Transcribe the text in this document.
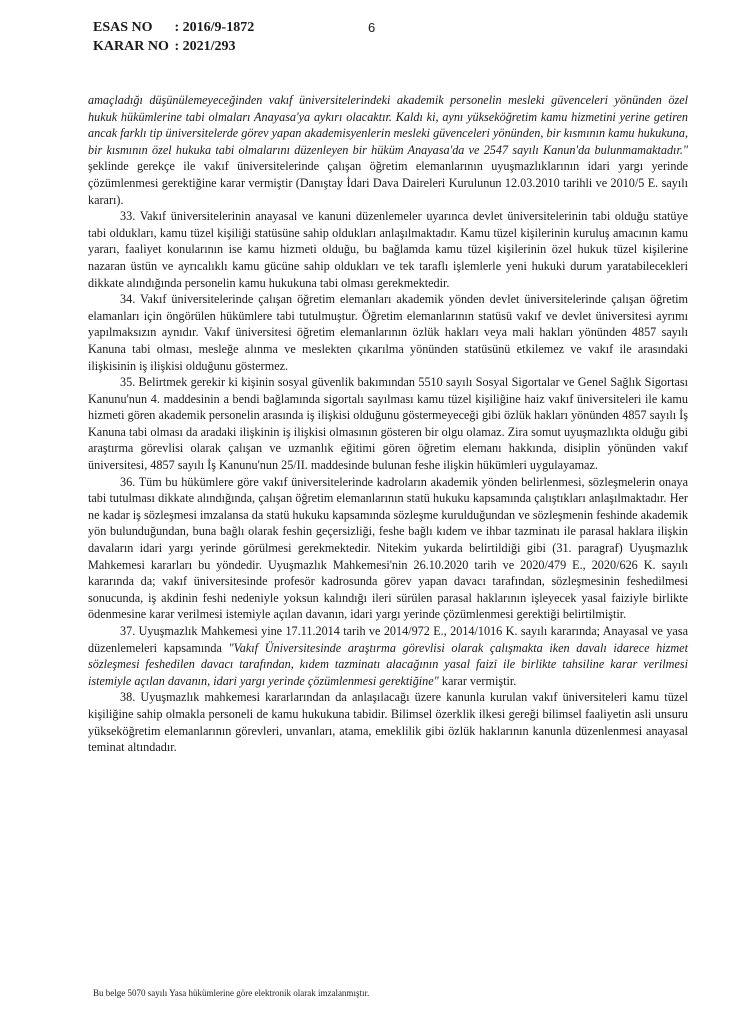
ESAS NO : 2016/9-1872
KARAR NO : 2021/293
6

amaçladığı düşünülemeyeceğinden vakıf üniversitelerindeki akademik personelin mesleki güvenceleri yönünden özel hukuk hükümlerine tabi olmaları Anayasa'ya aykırı olacaktır. Kaldı ki, aynı yükseköğretim kamu hizmetini yerine getiren ancak farklı tip üniversitelerde görev yapan akademisyenlerin mesleki güvenceleri yönünden, bir kısmının kamu hukukuna, bir kısmının özel hukuka tabi olmalarını düzenleyen bir hüküm Anayasa'da ve 2547 sayılı Kanun'da bulunmamaktadır." şeklinde gerekçe ile vakıf üniversitelerinde çalışan öğretim elemanlarının uyuşmazlıklarının idari yargı yerinde çözümlenmesi gerektiğine karar vermiştir (Danıştay İdari Dava Daireleri Kurulunun 12.03.2010 tarihli ve 2010/5 E. sayılı kararı).

33. Vakıf üniversitelerinin anayasal ve kanuni düzenlemeler uyarınca devlet üniversitelerinin tabi olduğu statüye tabi oldukları, kamu tüzel kişiliği statüsüne sahip oldukları anlaşılmaktadır. Kamu tüzel kişilerinin kuruluş amacının kamu yararı, faaliyet konularının ise kamu hizmeti olduğu, bu bağlamda kamu tüzel kişilerinin özel hukuk tüzel kişilerine nazaran üstün ve ayrıcalıklı kamu gücüne sahip oldukları ve tek taraflı işlemlerle yeni hukuki durum yaratabilecekleri dikkate alındığında personelin kamu hukukuna tabi olması gerekmektedir.

34. Vakıf üniversitelerinde çalışan öğretim elemanları akademik yönden devlet üniversitelerinde çalışan öğretim elamanları için öngörülen hükümlere tabi tutulmuştur. Öğretim elemanlarının statüsü vakıf ve devlet üniversitesi ayrımı yapılmaksızın aynıdır. Vakıf üniversitesi öğretim elemanlarının özlük hakları veya mali hakları yönünden 4857 sayılı Kanuna tabi olması, mesleğe alınma ve meslekten çıkarılma yönünden statüsünü etkilemez ve vakıf ile arasındaki ilişkisinin iş ilişkisi olduğunu göstermez.

35. Belirtmek gerekir ki kişinin sosyal güvenlik bakımından 5510 sayılı Sosyal Sigortalar ve Genel Sağlık Sigortası Kanunu'nun 4. maddesinin a bendi bağlamında sigortalı sayılması kamu tüzel kişiliğine haiz vakıf üniversiteleri ile kamu hizmeti gören akademik personelin arasında iş ilişkisi olduğunu göstermeyeceği gibi özlük hakları yönünden 4857 sayılı İş Kanuna tabi olması da aradaki ilişkinin iş ilişkisi olmasının gösteren bir olgu olamaz. Zira somut uyuşmazlıkta olduğu gibi araştırma görevlisi olarak çalışan ve uzmanlık eğitimi gören öğretim elemanı hakkında, disiplin yönünden vakıf üniversitesi, 4857 sayılı İş Kanunu'nun 25/II. maddesinde bulunan feshe ilişkin hükümleri uygulayamaz.

36. Tüm bu hükümlere göre vakıf üniversitelerinde kadroların akademik yönden belirlenmesi, sözleşmelerin onaya tabi tutulması dikkate alındığında, çalışan öğretim elemanlarının statü hukuku kapsamında çalıştıkları anlaşılmaktadır. Her ne kadar iş sözleşmesi imzalansa da statü hukuku kapsamında sözleşme kurulduğundan ve sözleşmenin feshinde akademik yön bulunduğundan, buna bağlı olarak feshin geçersizliği, feshe bağlı kıdem ve ihbar tazminatı ile parasal haklara ilişkin davaların idari yargı yerinde görülmesi gerekmektedir. Nitekim yukarda belirtildiği gibi (31. paragraf) Uyuşmazlık Mahkemesi kararları bu yöndedir. Uyuşmazlık Mahkemesi'nin 26.10.2020 tarih ve 2020/479 E., 2020/626 K. sayılı kararında da; vakıf üniversitesinde profesör kadrosunda görev yapan davacı tarafından, sözleşmesinin feshedilmesi sonucunda, iş akdinin feshi nedeniyle yoksun kalındığı ileri sürülen parasal haklarının işleyecek yasal faiziyle birlikte ödenmesine karar verilmesi istemiyle açılan davanın, idari yargı yerinde çözümlenmesi gerektiği belirtilmiştir.

37. Uyuşmazlık Mahkemesi yine 17.11.2014 tarih ve 2014/972 E., 2014/1016 K. sayılı kararında; Anayasal ve yasa düzenlemeleri kapsamında "Vakıf Üniversitesinde araştırma görevlisi olarak çalışmakta iken davalı idarece hizmet sözleşmesi feshedilen davacı tarafından, kıdem tazminatı alacağının yasal faizi ile birlikte tahsiline karar verilmesi istemiyle açılan davanın, idari yargı yerinde çözümlenmesi gerektiğine" karar vermiştir.

38. Uyuşmazlık mahkemesi kararlarından da anlaşılacağı üzere kanunla kurulan vakıf üniversiteleri kamu tüzel kişiliğine sahip olmakla personeli de kamu hukukuna tabidir. Bilimsel özerklik ilkesi gereği bilimsel faaliyetin asli unsuru yükseköğretim elemanlarının görevleri, unvanları, atama, emeklilik gibi özlük haklarının kanunla düzenlenmesi anayasal teminat altındadır.

Bu belge 5070 sayılı Yasa hükümlerine göre elektronik olarak imzalanmıştır.
